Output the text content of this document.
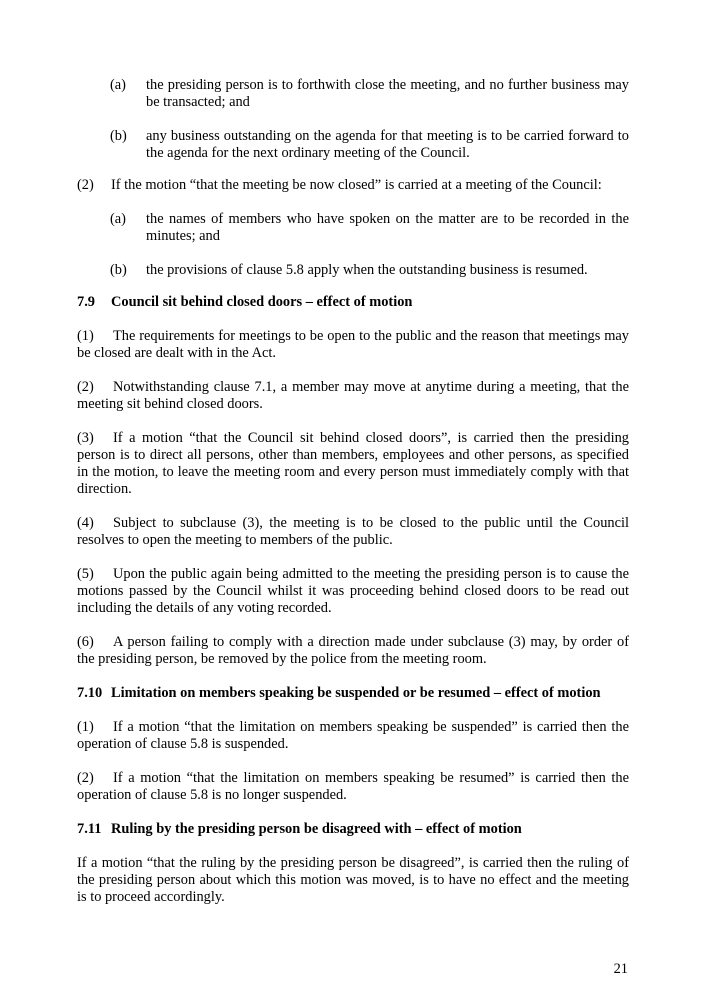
(a) the presiding person is to forthwith close the meeting, and no further business may be transacted; and
(b) any business outstanding on the agenda for that meeting is to be carried forward to the agenda for the next ordinary meeting of the Council.
(2) If the motion “that the meeting be now closed” is carried at a meeting of the Council:
(a) the names of members who have spoken on the matter are to be recorded in the minutes; and
(b) the provisions of clause 5.8 apply when the outstanding business is resumed.
7.9 Council sit behind closed doors – effect of motion

(1) The requirements for meetings to be open to the public and the reason that meetings may be closed are dealt with in the Act.

(2) Notwithstanding clause 7.1, a member may move at anytime during a meeting, that the meeting sit behind closed doors.

(3) If a motion “that the Council sit behind closed doors”, is carried then the presiding person is to direct all persons, other than members, employees and other persons, as specified in the motion, to leave the meeting room and every person must immediately comply with that direction.

(4) Subject to subclause (3), the meeting is to be closed to the public until the Council resolves to open the meeting to members of the public.

(5) Upon the public again being admitted to the meeting the presiding person is to cause the motions passed by the Council whilst it was proceeding behind closed doors to be read out including the details of any voting recorded.

(6) A person failing to comply with a direction made under subclause (3) may, by order of the presiding person, be removed by the police from the meeting room.

7.10 Limitation on members speaking be suspended or be resumed – effect of motion

(1) If a motion “that the limitation on members speaking be suspended” is carried then the operation of clause 5.8 is suspended.

(2) If a motion “that the limitation on members speaking be resumed” is carried then the operation of clause 5.8 is no longer suspended.

7.11 Ruling by the presiding person be disagreed with – effect of motion

If a motion “that the ruling by the presiding person be disagreed”, is carried then the ruling of the presiding person about which this motion was moved, is to have no effect and the meeting is to proceed accordingly.

21
